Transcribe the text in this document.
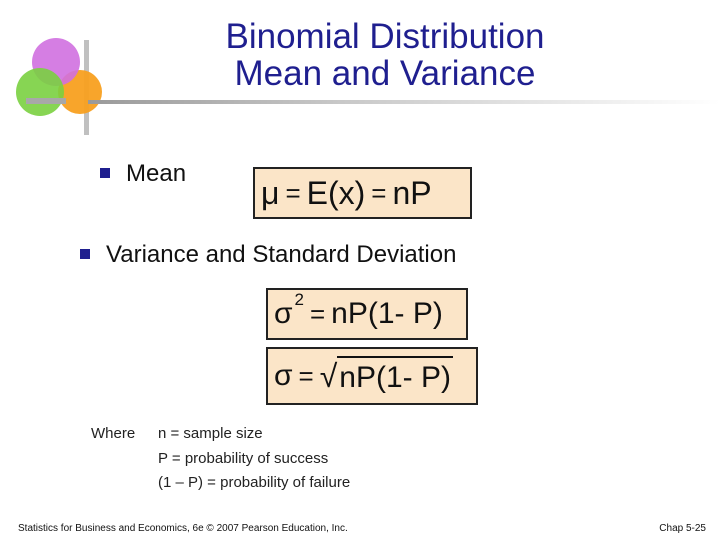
Binomial Distribution
Mean and Variance
Mean
μ = E(x) = nP
Variance and Standard Deviation
σ 2 = nP(1- P)
σ = √ nP(1- P)
Where n = sample size
P = probability of success
(1 – P) = probability of failure
Statistics for Business and Economics, 6e © 2007 Pearson Education, Inc.	Chap 5-25
